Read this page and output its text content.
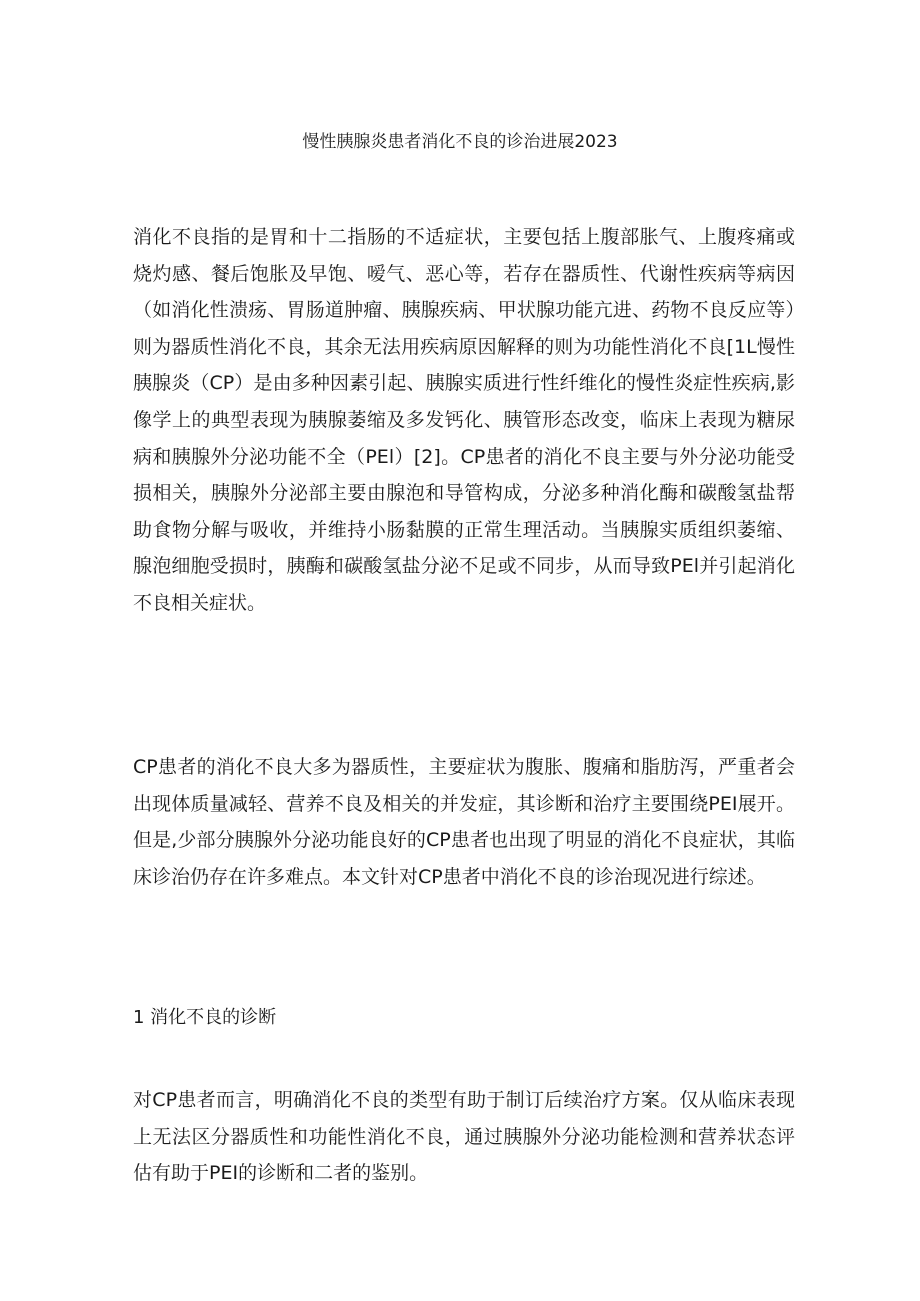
慢性胰腺炎患者消化不良的诊治进展2023

消化不良指的是胃和十二指肠的不适症状，主要包括上腹部胀气、上腹疼痛或烧灼感、餐后饱胀及早饱、嗳气、恶心等，若存在器质性、代谢性疾病等病因（如消化性溃疡、胃肠道肿瘤、胰腺疾病、甲状腺功能亢进、药物不良反应等）则为器质性消化不良，其余无法用疾病原因解释的则为功能性消化不良[1L慢性胰腺炎（CP）是由多种因素引起、胰腺实质进行性纤维化的慢性炎症性疾病,影像学上的典型表现为胰腺萎缩及多发钙化、胰管形态改变，临床上表现为糖尿病和胰腺外分泌功能不全（PEl）[2]。CP患者的消化不良主要与外分泌功能受损相关，胰腺外分泌部主要由腺泡和导管构成，分泌多种消化酶和碳酸氢盐帮助食物分解与吸收，并维持小肠黏膜的正常生理活动。当胰腺实质组织萎缩、腺泡细胞受损时，胰酶和碳酸氢盐分泌不足或不同步，从而导致PEl并引起消化不良相关症状。

CP患者的消化不良大多为器质性，主要症状为腹胀、腹痛和脂肪泻，严重者会出现体质量减轻、营养不良及相关的并发症，其诊断和治疗主要围绕PEI展开。但是,少部分胰腺外分泌功能良好的CP患者也出现了明显的消化不良症状，其临床诊治仍存在许多难点。本文针对CP患者中消化不良的诊治现况进行综述。

1 消化不良的诊断

对CP患者而言，明确消化不良的类型有助于制订后续治疗方案。仅从临床表现上无法区分器质性和功能性消化不良，通过胰腺外分泌功能检测和营养状态评估有助于PEI的诊断和二者的鉴别。
